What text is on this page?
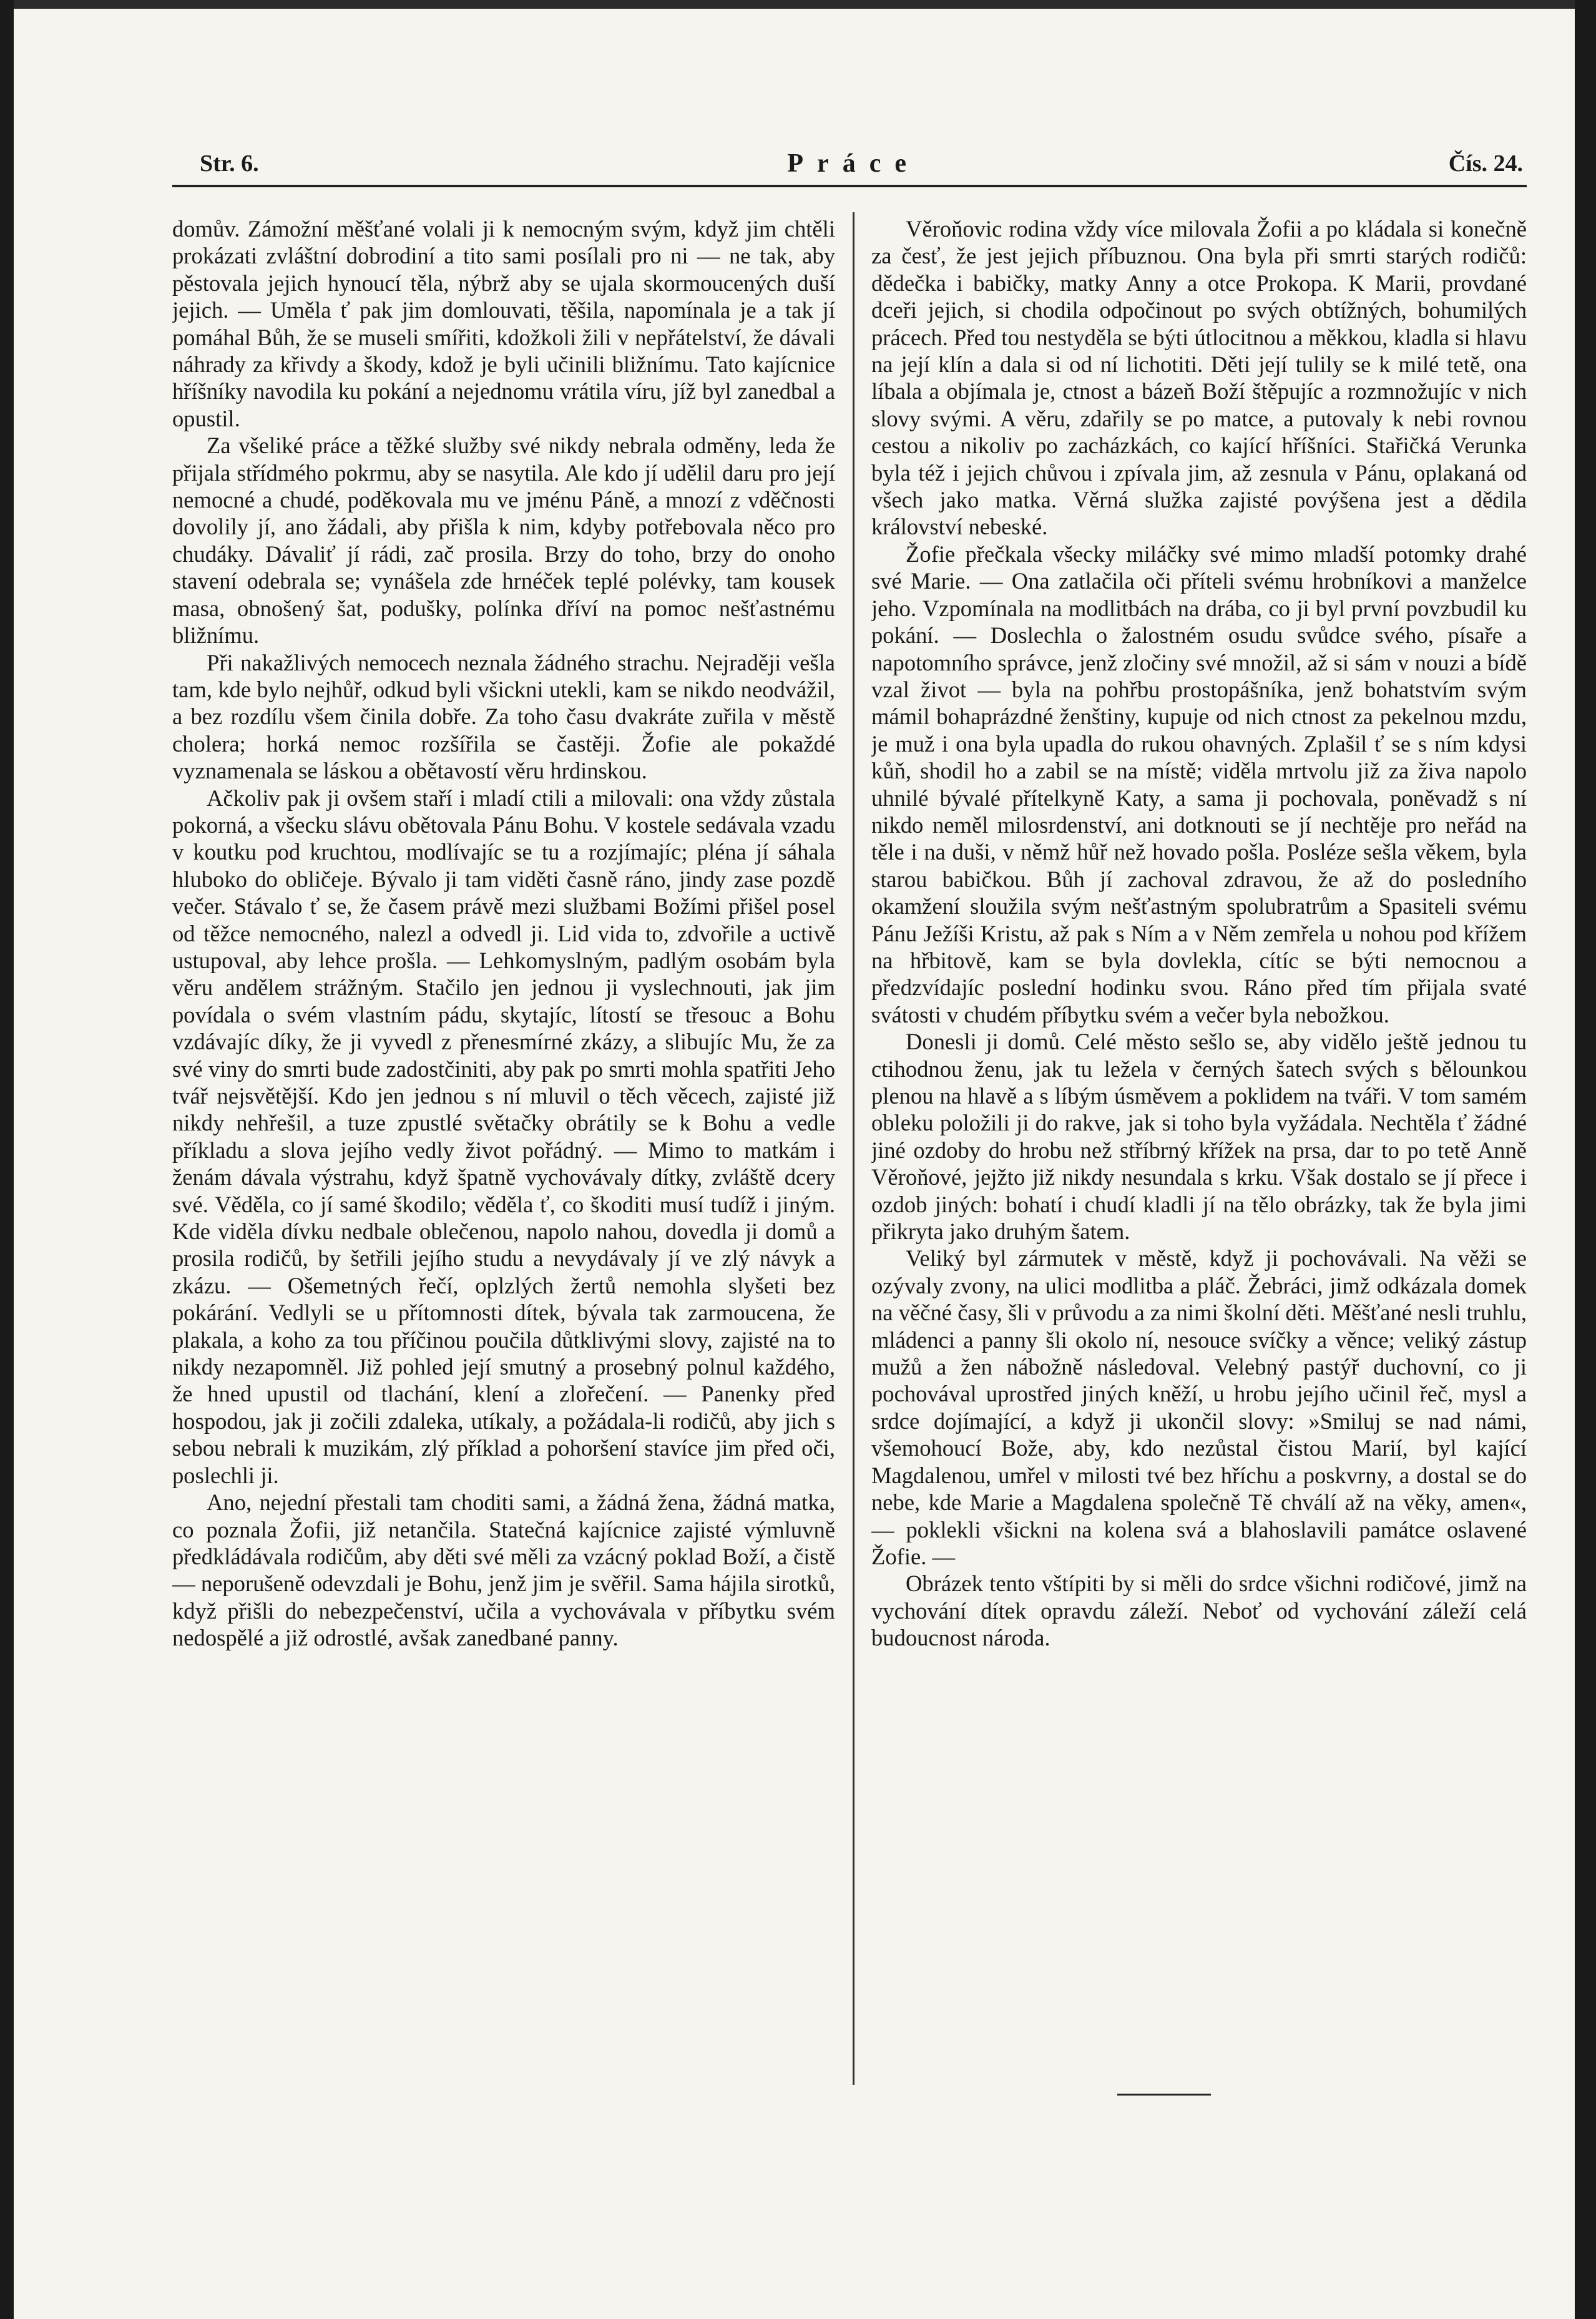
Str. 6.	Práce	Čís. 24.

domův. Zámožní měšťané volali ji k nemocným svým, když jim chtěli prokázati zvláštní dobrodiní a tito sami posílali pro ni — ne tak, aby pěstovala jejich hynoucí těla, nýbrž aby se ujala skormoucených duší jejich. — Uměla ť pak jim domlouvati, těšila, napomínala je a tak jí pomáhal Bůh, že se museli smířiti, kdožkoli žili v nepřátelství, že dávali náhrady za křivdy a škody, kdož je byli učinili bližnímu. Tato kajícnice hříšníky navodila ku pokání a nejednomu vrátila víru, jíž byl zanedbal a opustil.

Za všeliké práce a těžké služby své nikdy nebrala odměny, leda že přijala střídmého pokrmu, aby se nasytila. Ale kdo jí udělil daru pro její nemocné a chudé, poděkovala mu ve jménu Páně, a mnozí z vděčnosti dovolily jí, ano žádali, aby přišla k nim, kdyby potřebovala něco pro chudáky. Dávaliť jí rádi, zač prosila. Brzy do toho, brzy do onoho stavení odebrala se; vynášela zde hrnéček teplé polévky, tam kousek masa, obnošený šat, podušky, polínka dříví na pomoc nešťastnému bližnímu.

Při nakažlivých nemocech neznala žádného strachu. Nejraději vešla tam, kde bylo nejhůř, odkud byli všickni utekli, kam se nikdo neodvážil, a bez rozdílu všem činila dobře. Za toho času dvakráte zuřila v městě cholera; horká nemoc rozšířila se častěji. Žofie ale pokaždé vyznamenala se láskou a obětavostí věru hrdinskou.

Ačkoliv pak ji ovšem staří i mladí ctili a milovali: ona vždy zůstala pokorná, a všecku slávu obětovala Pánu Bohu. V kostele sedávala vzadu v koutku pod kruchtou, modlívajíc se tu a rozjímajíc; pléna jí sáhala hluboko do obličeje. Bývalo ji tam viděti časně ráno, jindy zase pozdě večer. Stávalo ť se, že časem právě mezi službami Božími přišel posel od těžce nemocného, nalezl a odvedl ji. Lid vida to, zdvořile a uctivě ustupoval, aby lehce prošla. — Lehkomyslným, padlým osobám byla věru andělem strážným. Stačilo jen jednou ji vyslechnouti, jak jim povídala o svém vlastním pádu, skytajíc, lítostí se třesouc a Bohu vzdávajíc díky, že ji vyvedl z přenesmírné zkázy, a slibujíc Mu, že za své viny do smrti bude zadostčiniti, aby pak po smrti mohla spatřiti Jeho tvář nejsvětější. Kdo jen jednou s ní mluvil o těch věcech, zajisté již nikdy nehřešil, a tuze zpustlé světačky obrátily se k Bohu a vedle příkladu a slova jejího vedly život pořádný. — Mimo to matkám i ženám dávala výstrahu, když špatně vychovávaly dítky, zvláště dcery své. Věděla, co jí samé škodilo; věděla ť, co škoditi musí tudíž i jiným. Kde viděla dívku nedbale oblečenou, napolo nahou, dovedla ji domů a prosila rodičů, by šetřili jejího studu a nevydávaly jí ve zlý návyk a zkázu. — Ošemetných řečí, oplzlých žertů nemohla slyšeti bez pokárání. Vedlyli se u přítomnosti dítek, bývala tak zarmoucena, že plakala, a koho za tou příčinou poučila důtklivými slovy, zajisté na to nikdy nezapomněl. Již pohled její smutný a prosebný polnul každého, že hned upustil od tlachání, klení a zlořečení. — Panenky před hospodou, jak ji zočili zdaleka, utíkaly, a požádala-li rodičů, aby jich s sebou nebrali k muzikám, zlý příklad a pohoršení stavíce jim před oči, poslechli ji.

Ano, nejední přestali tam choditi sami, a žádná žena, žádná matka, co poznala Žofii, již netančila. Statečná kajícnice zajisté výmluvně předkládávala rodičům, aby děti své měli za vzácný poklad Boží, a čistě — neporušeně odevzdali je Bohu, jenž jim je svěřil. Sama hájila sirotků, když přišli do nebezpečenství, učila a vychovávala v příbytku svém nedospělé a již odrostlé, avšak zanedbané panny.

Věroňovic rodina vždy více milovala Žofii a po kládala si konečně za česť, že jest jejich příbuznou. Ona byla při smrti starých rodičů: dědečka i babičky, matky Anny a otce Prokopa. K Marii, provdané dceři jejich, si chodila odpočinout po svých obtížných, bohumilých prácech. Před tou nestyděla se býti útlocitnou a měkkou, kladla si hlavu na její klín a dala si od ní lichotiti. Děti její tulily se k milé tetě, ona líbala a objímala je, ctnost a bázeň Boží štěpujíc a rozmnožujíc v nich slovy svými. A věru, zdařily se po matce, a putovaly k nebi rovnou cestou a nikoliv po zacházkách, co kající hříšníci. Stařičká Verunka byla též i jejich chůvou i zpívala jim, až zesnula v Pánu, oplakaná od všech jako matka. Věrná služka zajisté povýšena jest a dědila království nebeské.

Žofie přečkala všecky miláčky své mimo mladší potomky drahé své Marie. — Ona zatlačila oči příteli svému hrobníkovi a manželce jeho. Vzpomínala na modlitbách na drába, co ji byl první povzbudil ku pokání. — Doslechla o žalostném osudu svůdce svého, písaře a napotomního správce, jenž zločiny své množil, až si sám v nouzi a bídě vzal život — byla na pohřbu prostopášníka, jenž bohatstvím svým mámil bohaprázdné ženštiny, kupuje od nich ctnost za pekelnou mzdu, je muž i ona byla upadla do rukou ohavných. Zplašil ť se s ním kdysi kůň, shodil ho a zabil se na místě; viděla mrtvolu již za živa napolo uhnilé bývalé přítelkyně Katy, a sama ji pochovala, poněvadž s ní nikdo neměl milosrdenství, ani dotknouti se jí nechtěje pro neřád na těle i na duši, v němž hůř než hovado pošla. Posléze sešla věkem, byla starou babičkou. Bůh jí zachoval zdravou, že až do posledního okamžení sloužila svým nešťastným spolubratrům a Spasiteli svému Pánu Ježíši Kristu, až pak s Ním a v Něm zemřela u nohou pod křížem na hřbitově, kam se byla dovlekla, cítíc se býti nemocnou a předzvídajíc poslední hodinku svou. Ráno před tím přijala svaté svátosti v chudém příbytku svém a večer byla nebožkou.

Donesli ji domů. Celé město sešlo se, aby vidělo ještě jednou tu ctihodnou ženu, jak tu ležela v černých šatech svých s bělounkou plenou na hlavě a s líbým úsměvem a poklidem na tváři. V tom samém obleku položili ji do rakve, jak si toho byla vyžádala. Nechtěla ť žádné jiné ozdoby do hrobu než stříbrný křížek na prsa, dar to po tetě Anně Věroňové, jejžto již nikdy nesundala s krku. Však dostalo se jí přece i ozdob jiných: bohatí i chudí kladli jí na tělo obrázky, tak že byla jimi přikryta jako druhým šatem.

Veliký byl zármutek v městě, když ji pochovávali. Na věži se ozývaly zvony, na ulici modlitba a pláč. Žebráci, jimž odkázala domek na věčné časy, šli v průvodu a za nimi školní děti. Měšťané nesli truhlu, mládenci a panny šli okolo ní, nesouce svíčky a věnce; veliký zástup mužů a žen nábožně následoval. Velebný pastýř duchovní, co ji pochovával uprostřed jiných kněží, u hrobu jejího učinil řeč, mysl a srdce dojímající, a když ji ukončil slovy: »Smiluj se nad námi, všemohoucí Bože, aby, kdo nezůstal čistou Marií, byl kající Magdalenou, umřel v milosti tvé bez hříchu a poskvrny, a dostal se do nebe, kde Marie a Magdalena společně Tě chválí až na věky, amen«, — poklekli všickni na kolena svá a blahoslavili památce oslavené Žofie. —

Obrázek tento vštípiti by si měli do srdce všichni rodičové, jimž na vychování dítek opravdu záleží. Neboť od vychování záleží celá budoucnost národa.
